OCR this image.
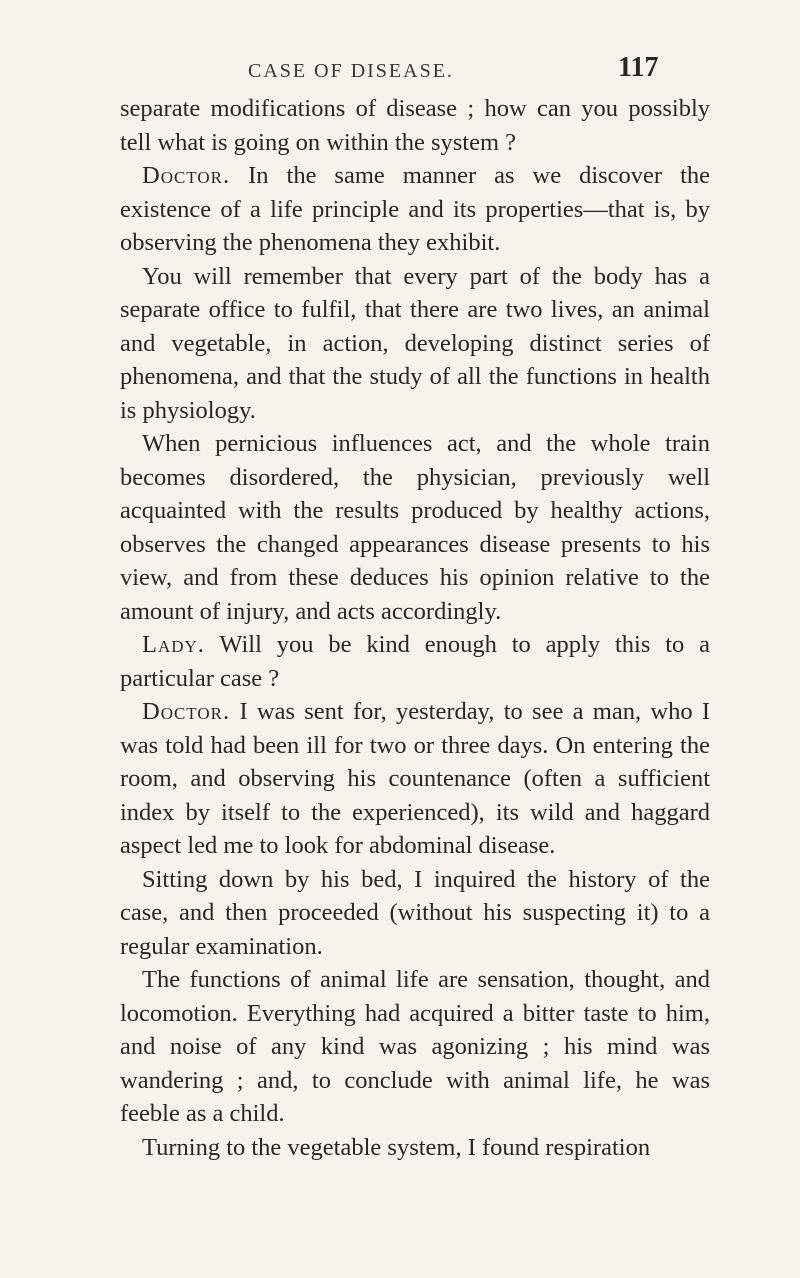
CASE OF DISEASE.	117

separate modifications of disease ; how can you possibly tell what is going on within the system ?

Doctor. In the same manner as we discover the existence of a life principle and its properties—that is, by observing the phenomena they exhibit.

You will remember that every part of the body has a separate office to fulfil, that there are two lives, an animal and vegetable, in action, developing distinct series of phenomena, and that the study of all the functions in health is physiology.

When pernicious influences act, and the whole train becomes disordered, the physician, previously well acquainted with the results produced by healthy actions, observes the changed appearances disease presents to his view, and from these deduces his opinion relative to the amount of injury, and acts accordingly.

Lady. Will you be kind enough to apply this to a particular case ?

Doctor. I was sent for, yesterday, to see a man, who I was told had been ill for two or three days. On entering the room, and observing his countenance (often a sufficient index by itself to the experienced), its wild and haggard aspect led me to look for abdominal disease.

Sitting down by his bed, I inquired the history of the case, and then proceeded (without his suspecting it) to a regular examination.

The functions of animal life are sensation, thought, and locomotion. Everything had acquired a bitter taste to him, and noise of any kind was agonizing ; his mind was wandering ; and, to conclude with animal life, he was feeble as a child.

Turning to the vegetable system, I found respiration
